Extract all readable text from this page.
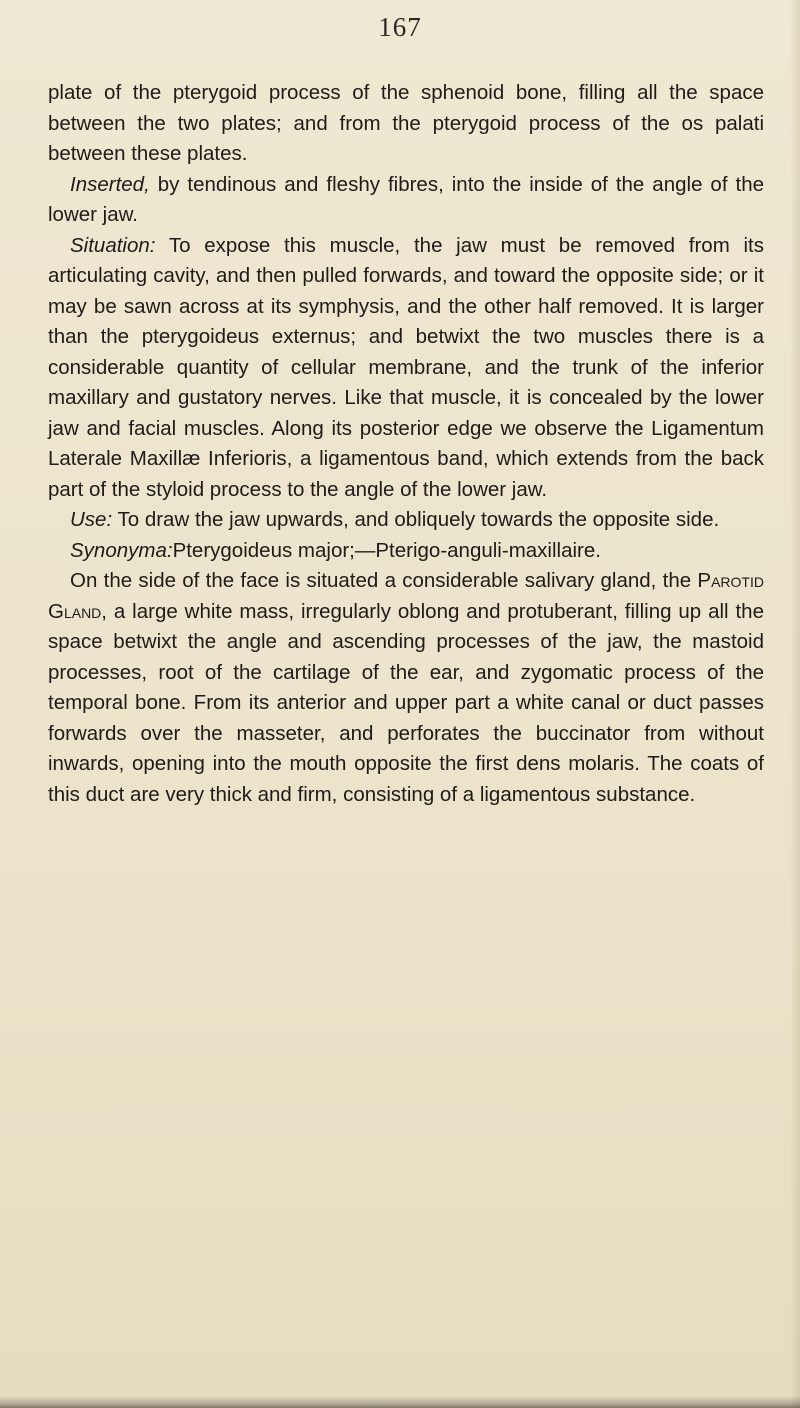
167

plate of the pterygoid process of the sphenoid bone, filling all the space between the two plates; and from the pterygoid process of the os palati between these plates.

Inserted, by tendinous and fleshy fibres, into the inside of the angle of the lower jaw.

Situation: To expose this muscle, the jaw must be removed from its articulating cavity, and then pulled forwards, and toward the opposite side; or it may be sawn across at its symphysis, and the other half removed. It is larger than the pterygoideus externus; and betwixt the two muscles there is a considerable quantity of cellular membrane, and the trunk of the inferior maxillary and gustatory nerves. Like that muscle, it is concealed by the lower jaw and facial muscles. Along its posterior edge we observe the Ligamentum Laterale Maxillæ Inferioris, a ligamentous band, which extends from the back part of the styloid process to the angle of the lower jaw.

Use: To draw the jaw upwards, and obliquely towards the opposite side.

Synonyma:Pterygoideus major;—Pterigo-anguli-maxillaire.

On the side of the face is situated a considerable salivary gland, the Parotid Gland, a large white mass, irregularly oblong and protuberant, filling up all the space betwixt the angle and ascending processes of the jaw, the mastoid processes, root of the cartilage of the ear, and zygomatic process of the temporal bone. From its anterior and upper part a white canal or duct passes forwards over the masseter, and perforates the buccinator from without inwards, opening into the mouth opposite the first dens molaris. The coats of this duct are very thick and firm, consisting of a ligamentous substance.
